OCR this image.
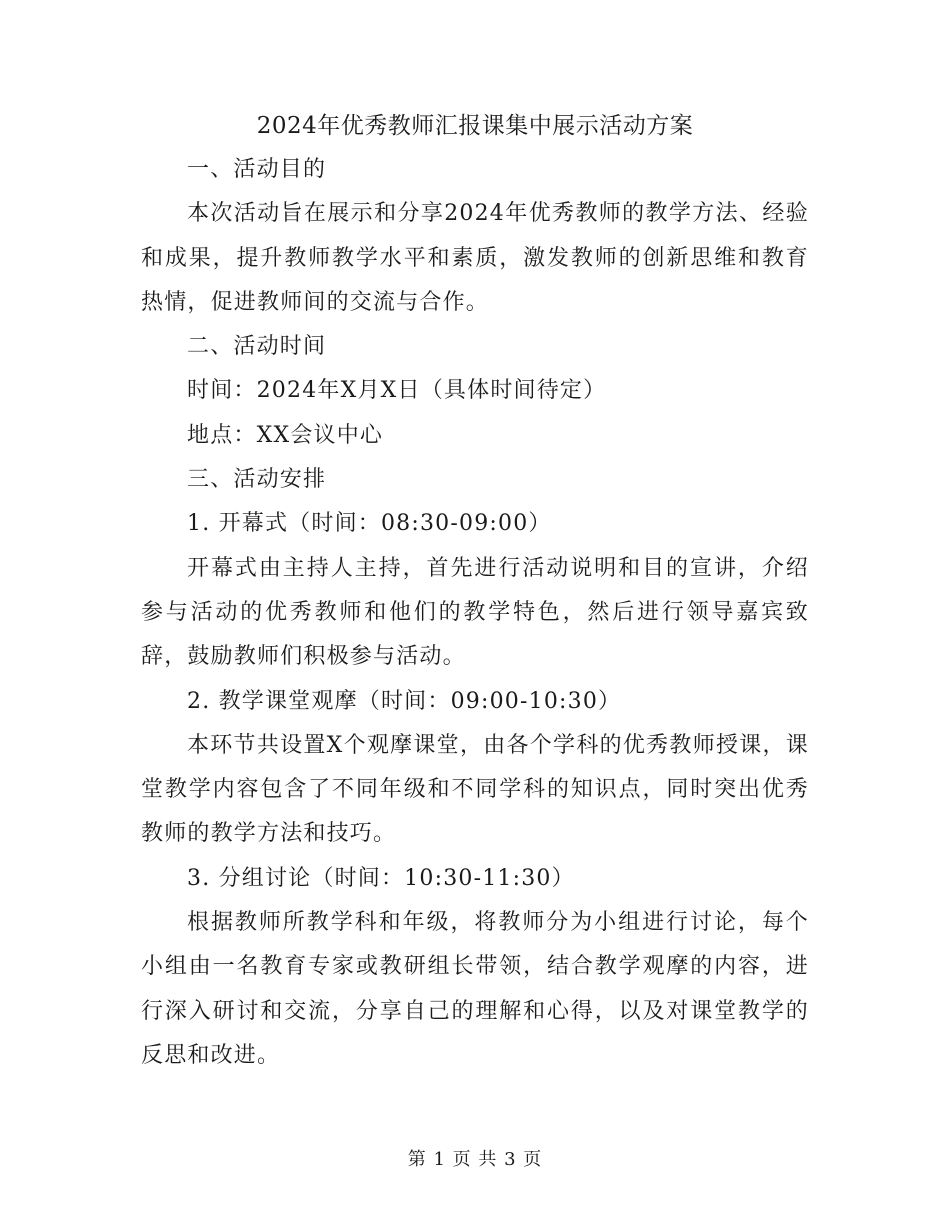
2024年优秀教师汇报课集中展示活动方案

一、活动目的

本次活动旨在展示和分享2024年优秀教师的教学方法、经验和成果，提升教师教学水平和素质，激发教师的创新思维和教育热情，促进教师间的交流与合作。

二、活动时间

时间：2024年X月X日（具体时间待定）

地点：XX会议中心

三、活动安排

1. 开幕式（时间：08:30-09:00）

开幕式由主持人主持，首先进行活动说明和目的宣讲，介绍参与活动的优秀教师和他们的教学特色，然后进行领导嘉宾致辞，鼓励教师们积极参与活动。

2. 教学课堂观摩（时间：09:00-10:30）

本环节共设置X个观摩课堂，由各个学科的优秀教师授课，课堂教学内容包含了不同年级和不同学科的知识点，同时突出优秀教师的教学方法和技巧。

3. 分组讨论（时间：10:30-11:30）

根据教师所教学科和年级，将教师分为小组进行讨论，每个小组由一名教育专家或教研组长带领，结合教学观摩的内容，进行深入研讨和交流，分享自己的理解和心得，以及对课堂教学的反思和改进。

第 1 页 共 3 页
